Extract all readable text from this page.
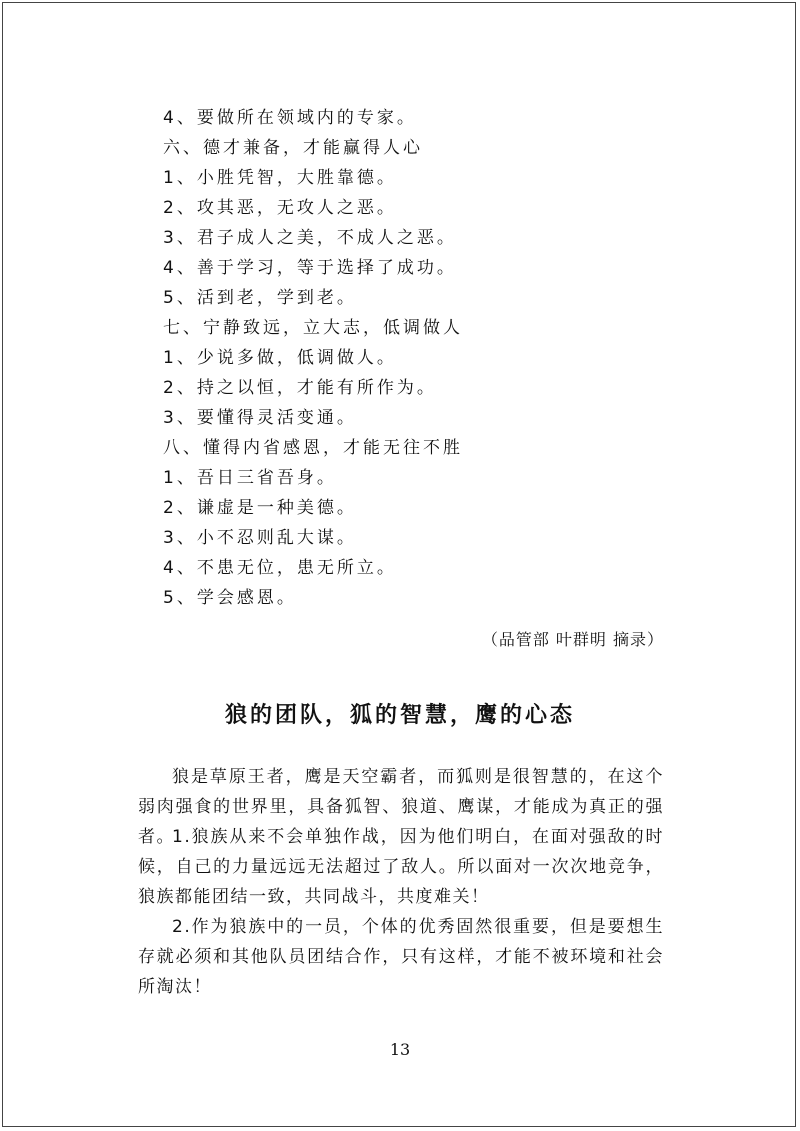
4、要做所在领域内的专家。
六、德才兼备，才能赢得人心
1、小胜凭智，大胜靠德。
2、攻其恶，无攻人之恶。
3、君子成人之美，不成人之恶。
4、善于学习，等于选择了成功。
5、活到老，学到老。
七、宁静致远，立大志，低调做人
1、少说多做，低调做人。
2、持之以恒，才能有所作为。
3、要懂得灵活变通。
八、懂得内省感恩，才能无往不胜
1、吾日三省吾身。
2、谦虚是一种美德。
3、小不忍则乱大谋。
4、不患无位，患无所立。
5、学会感恩。
（品管部 叶群明 摘录）
狼的团队，狐的智慧，鹰的心态

狼是草原王者，鹰是天空霸者，而狐则是很智慧的，在这个弱肉强食的世界里，具备狐智、狼道、鹰谋，才能成为真正的强者。

1.狼族从来不会单独作战，因为他们明白，在面对强敌的时候，自己的力量远远无法超过了敌人。所以面对一次次地竞争，狼族都能团结一致，共同战斗，共度难关！

2.作为狼族中的一员，个体的优秀固然很重要，但是要想生存就必须和其他队员团结合作，只有这样，才能不被环境和社会所淘汰！

13
